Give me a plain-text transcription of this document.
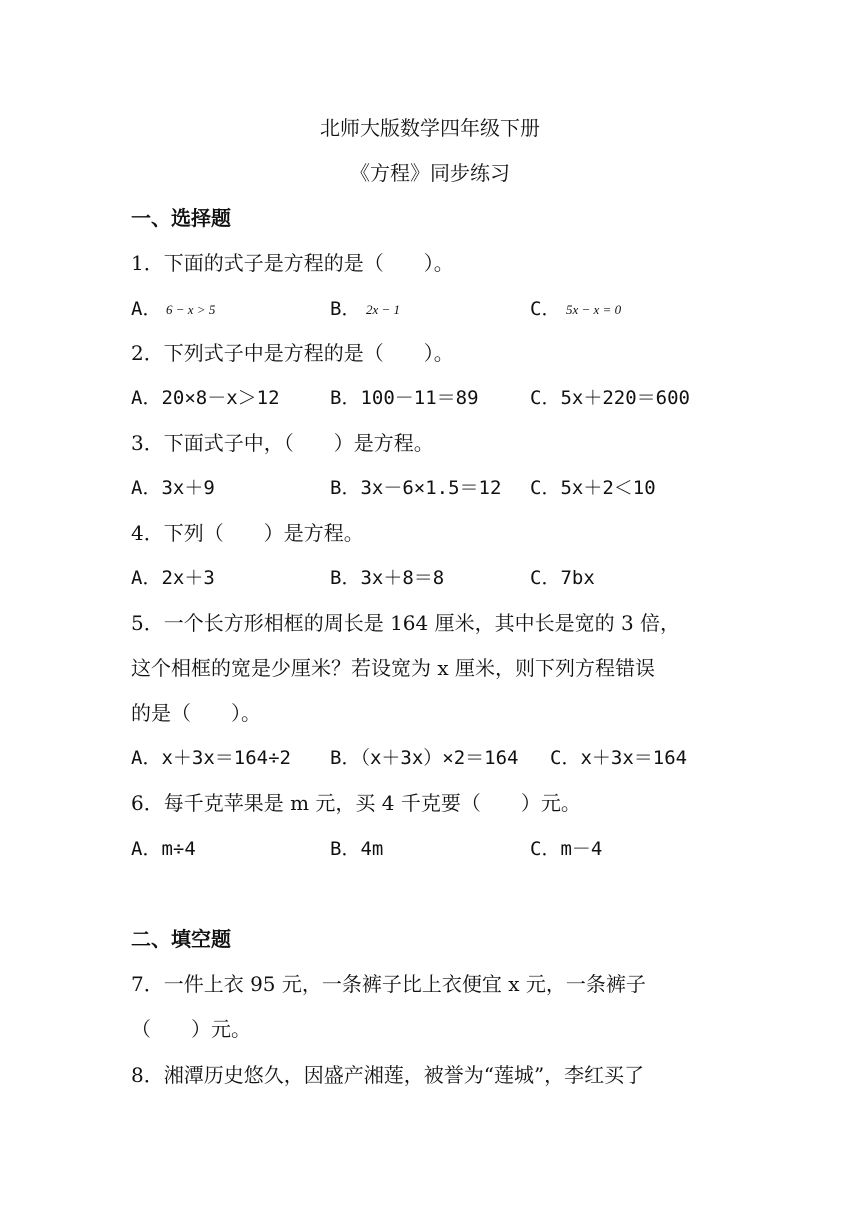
北师大版数学四年级下册
《方程》同步练习
一、选择题
1．下面的式子是方程的是（　　）。
A． 6 − x > 5	B． 2x − 1	C． 5x − x = 0
2．下列式子中是方程的是（　　）。
A．20×8－x＞12	B．100－11＝89	C．5x＋220＝600
3．下面式子中，（　　）是方程。
A．3x＋9	B．3x－6×1.5＝12 C．5x＋2＜10
4．下列（　　）是方程。
A．2x＋3	B．3x＋8＝8	C．7bx
5．一个长方形相框的周长是 164 厘米，其中长是宽的 3 倍，
这个相框的宽是少厘米？若设宽为 x 厘米，则下列方程错误
的是（　　）。
A．x＋3x＝164÷2 B．（x＋3x）×2＝164 C．x＋3x＝164
6．每千克苹果是 m 元，买 4 千克要（　　）元。
A．m÷4	B．4m	C．m－4
二、填空题
7．一件上衣 95 元，一条裤子比上衣便宜 x 元，一条裤子
（　　）元。
8．湘潭历史悠久，因盛产湘莲，被誉为“莲城”，李红买了
